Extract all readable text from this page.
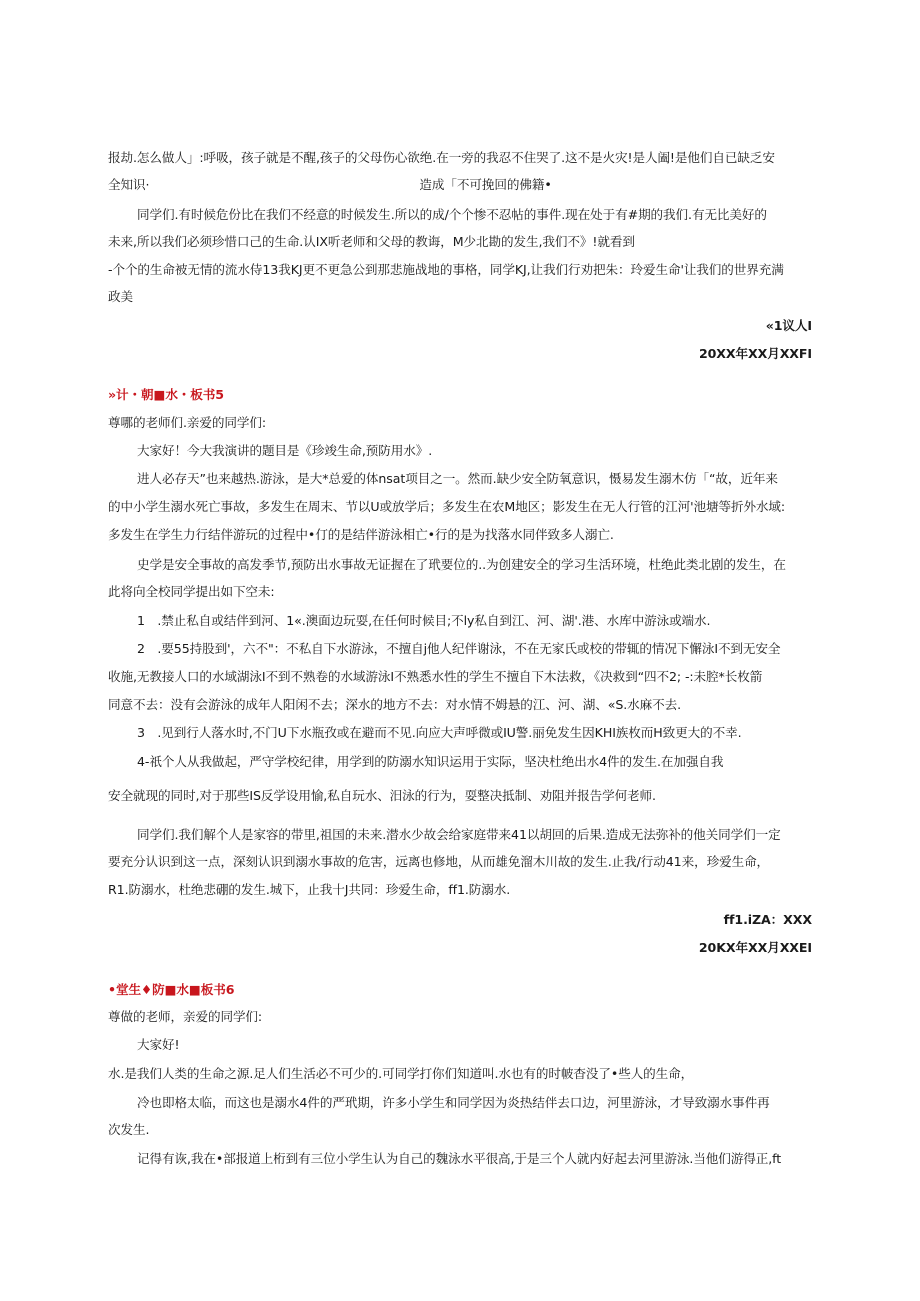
报劫.怎么做人」:呼吸，孩子就是不醒,孩子的父母伤心欲绝.在一旁的我忍不住哭了.这不是火灾!是人阖!是他们自已缺乏安
全知识·	造成「不可挽回的佛籍•
同学们.有时候危份比在我们不经意的时候发生.所以的成∕个个惨不忍帖的事件.现在处于有#期的我们.有无比美好的
未来,所以我们必须珍惜口己的生命.认IX听老师和父母的教诲，M少北勘的发生,我们不》!就看到
-个个的生命被无情的流水侍13我KJ更不更急公到那悲施战地的事格，同学KJ,让我们行劝把朱：玲爱生命'让我们的世界充满
政美
«1议人I
20XX年XX月XXFI
»计・朝■水・板书5
尊哪的老师们.亲爱的同学们:
大家好！今大我演讲的题目是《珍竣生命,预防用水》.
进人必存天”也来越热.游泳，是大*总爱的体nsat项目之一。然而.缺少安全防氧意识，慑易发生溺木仿「“故，近年来
的中小学生溺水死亡事故，多发生在周末、节以U或放学后；多发生在农M地区；影发生在无人行管的江河'池塘等折外水域:
多发生在学生力行结伴游玩的过程中•仃的是结伴游泳相亡•行的是为找落水同伴致多人溺亡.
史学是安全事故的高发季节,预防出水事故无证握在了玳要位的..为创建安全的学习生活环境，杜绝此类北剧的发生，在
此将向全校同学提出如下空未:
1　.禁止私自或结伴到河、1«.澳面边玩耍,在任何时候目;不ly私自到江、河、湖'.港、水库中游泳或端水.
2　.要55持股到'，六不"：不私自下水游泳，不擅自j他人纪伴谢泳，不在无家氏或校的带辄的情况下懈泳I不到无安全
收施,无教接人口的水域湖泳I不到不熟卷的水域游泳I不熟悉水性的学生不擅自下木法救，《决救到“四不2; -:未腔*长枚箭
同意不去：没有会游泳的成年人阳闲不去；深水的地方不去：对水情不姆悬的江、河、湖、«S.水麻不去.
3　.见到行人落水时,不门U下水瓶孜或在避而不见.向应大声呼微或IU警.丽免发生因KHI族枚而H致更大的不幸.
4-祇个人从我做起，严守学校纪律，用学到的防溺水知识运用于实际，坚决杜绝出水4件的发生.在加强自我
安全就现的同时,对于那些IS反学设用愉,私自玩水、汨泳的行为，耍整决抵制、劝阻并报告学何老师.
同学们.我们解个人是家容的带里,祖国的未来.潜水少故会给家庭带来41以胡回的后果.造成无法弥补的他关同学们一定
要充分认识到这一点，深刻认识到溺水事故的危害，远离也修地，从而雄免溜木川故的发生.止我/行动41来，珍爱生命，
R1.防溺水，杜绝悲硼的发生.城下，止我十J共同：珍爱生命，ff1.防溺水.
ff1.iZA：XXX
20KX年XX月XXEI
•堂生♦防■水■板书6
尊做的老师，亲爱的同学们:
大家好!
水.是我们人类的生命之源.足人们生活必不可少的.可同学打你们知道叫.水也有的时帔杳没了•些人的生命，
冷也即格太临，而这也是溺水4件的严玳期，许多小学生和同学因为炎热结伴去口边，河里游泳，才导致溺水事件再
次发生.
记得有诙,我在•部报道上桁到有三位小学生认为自己的魏泳水平很高,于是三个人就内好起去河里游泳.当他们游得正,ft
